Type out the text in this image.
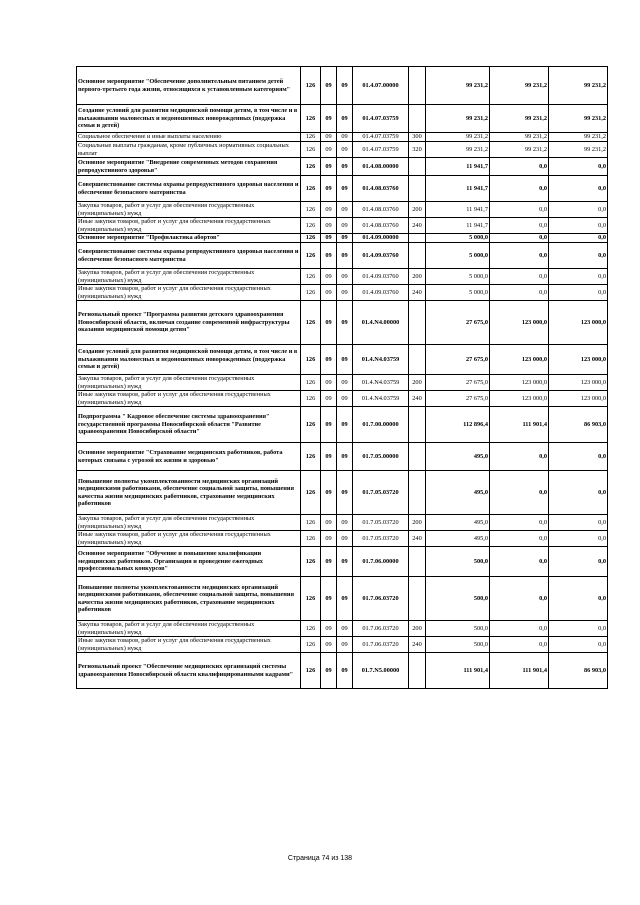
Основное мероприятие "Обеспечение дополнительным питанием детей первого-третьего года жизни, относящихся к установленным категориям"	126	09	09	01.4.07.00000		99 231,2	99 231,2	99 231,2
Создание условий для развития медицинской помощи детям, в том числе и в выхаживании маловесных и недоношенных новорожденных (поддержка семьи и детей)	126	09	09	01.4.07.03759		99 231,2	99 231,2	99 231,2
Социальное обеспечение и иные выплаты населению	126	09	09	01.4.07.03759	300	99 231,2	99 231,2	99 231,2
Социальные выплаты гражданам, кроме публичных нормативных социальных выплат	126	09	09	01.4.07.03759	320	99 231,2	99 231,2	99 231,2
Основное мероприятие "Внедрение современных методов сохранения репродуктивного здоровья"	126	09	09	01.4.08.00000		11 941,7	0,0	0,0
Совершенствование системы охраны репродуктивного здоровья населения и обеспечение безопасного материнства	126	09	09	01.4.08.03760		11 941,7	0,0	0,0
Закупка товаров, работ и услуг для обеспечения государственных (муниципальных) нужд	126	09	09	01.4.08.03760	200	11 941,7	0,0	0,0
Иные закупки товаров, работ и услуг для обеспечения государственных (муниципальных) нужд	126	09	09	01.4.08.03760	240	11 941,7	0,0	0,0
Основное мероприятие "Профилактика абортов"	126	09	09	01.4.09.00000		5 000,0	0,0	0,0
Совершенствование системы охраны репродуктивного здоровья населения и обеспечение безопасного материнства	126	09	09	01.4.09.03760		5 000,0	0,0	0,0
Закупка товаров, работ и услуг для обеспечения государственных (муниципальных) нужд	126	09	09	01.4.09.03760	200	5 000,0	0,0	0,0
Иные закупки товаров, работ и услуг для обеспечения государственных (муниципальных) нужд	126	09	09	01.4.09.03760	240	5 000,0	0,0	0,0
Региональный проект "Программа развития детского здравоохранения Новосибирской области, включая создание современной инфраструктуры оказания медицинской помощи детям"	126	09	09	01.4.N4.00000		27 675,0	123 000,0	123 000,0
Создание условий для развития медицинской помощи детям, в том числе и в выхаживании маловесных и недоношенных новорожденных (поддержка семьи и детей)	126	09	09	01.4.N4.03759		27 675,0	123 000,0	123 000,0
Закупка товаров, работ и услуг для обеспечения государственных (муниципальных) нужд	126	09	09	01.4.N4.03759	200	27 675,0	123 000,0	123 000,0
Иные закупки товаров, работ и услуг для обеспечения государственных (муниципальных) нужд	126	09	09	01.4.N4.03759	240	27 675,0	123 000,0	123 000,0
Подпрограмма " Кадровое обеспечение системы здравоохранения" государственной программы Новосибирской области "Развитие здравоохранения Новосибирской области"	126	09	09	01.7.00.00000		112 896,4	111 901,4	86 903,0
Основное мероприятие "Страхование медицинских работников, работа которых связана с угрозой их жизни и здоровью"	126	09	09	01.7.05.00000		495,0	0,0	0,0
Повышение полноты укомплектованности медицинских организаций медицинскими работниками, обеспечение социальной защиты, повышения качества жизни медицинских работников, страхование медицинских работников	126	09	09	01.7.05.03720		495,0	0,0	0,0
Закупка товаров, работ и услуг для обеспечения государственных (муниципальных) нужд	126	09	09	01.7.05.03720	200	495,0	0,0	0,0
Иные закупки товаров, работ и услуг для обеспечения государственных (муниципальных) нужд	126	09	09	01.7.05.03720	240	495,0	0,0	0,0
Основное мероприятие "Обучение и повышение квалификации медицинских работников. Организация и проведение ежегодных профессиональных конкурсов"	126	09	09	01.7.06.00000		500,0	0,0	0,0
Повышение полноты укомплектованности медицинских организаций медицинскими работниками, обеспечение социальной защиты, повышения качества жизни медицинских работников, страхование медицинских работников	126	09	09	01.7.06.03720		500,0	0,0	0,0
Закупка товаров, работ и услуг для обеспечения государственных (муниципальных) нужд	126	09	09	01.7.06.03720	200	500,0	0,0	0,0
Иные закупки товаров, работ и услуг для обеспечения государственных (муниципальных) нужд	126	09	09	01.7.06.03720	240	500,0	0,0	0,0
Региональный проект "Обеспечение медицинских организаций системы здравоохранения Новосибирской области квалифицированными кадрами"	126	09	09	01.7.N5.00000		111 901,4	111 901,4	86 903,0
Страница 74 из 138
